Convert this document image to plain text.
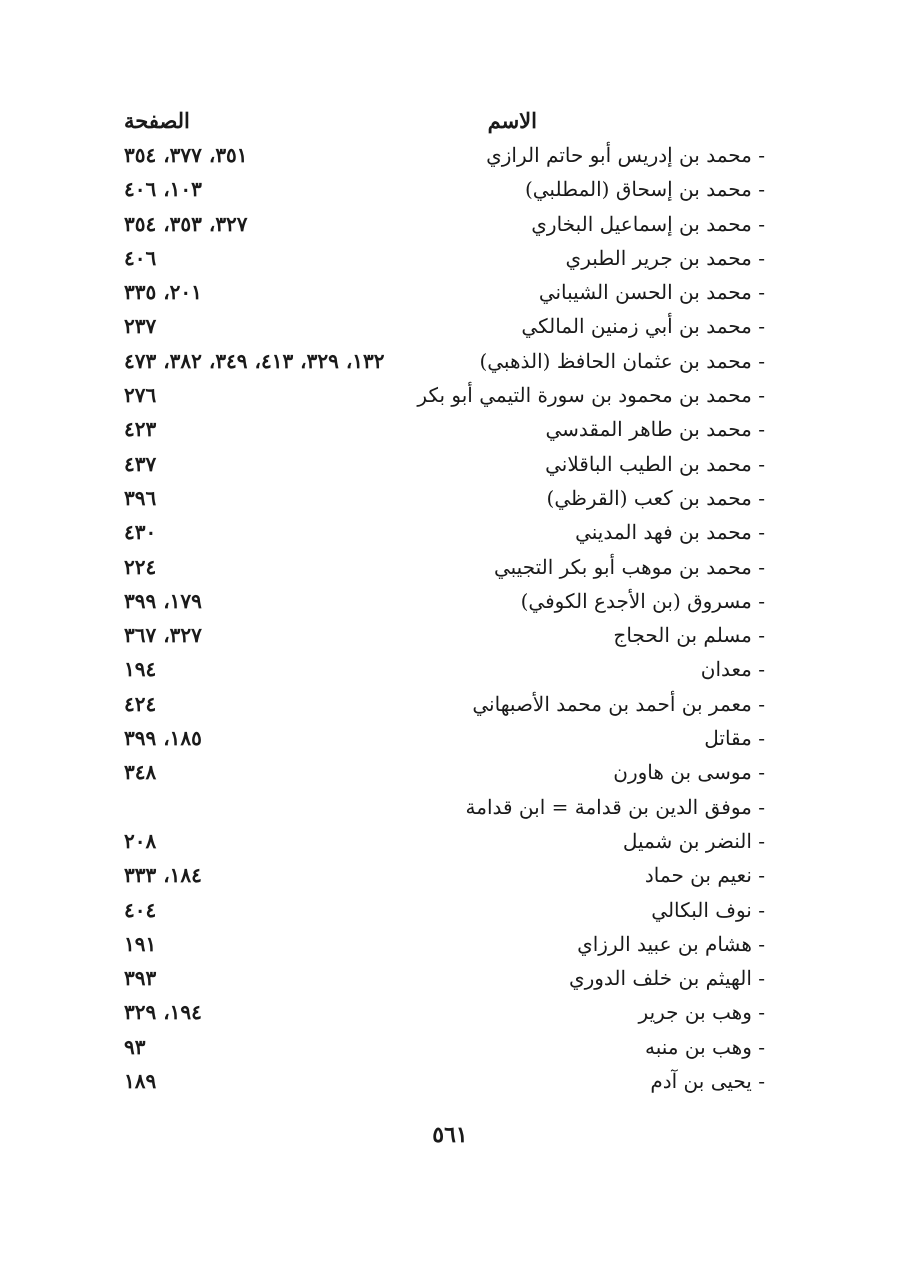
الاسم
الصفحة
- محمد بن إدريس أبو حاتم الرازي
٣٥١، ٣٧٧، ٣٥٤
- محمد بن إسحاق (المطلبي)
١٠٣، ٤٠٦
- محمد بن إسماعيل البخاري
٣٢٧، ٣٥٣، ٣٥٤
- محمد بن جرير الطبري
٤٠٦
- محمد بن الحسن الشيباني
٢٠١، ٣٣٥
- محمد بن أبي زمنين المالكي
٢٣٧
- محمد بن عثمان الحافظ (الذهبي)
١٣٢، ٣٢٩، ٤١٣، ٣٤٩، ٣٨٢، ٤٧٣
- محمد بن محمود بن سورة التيمي أبو بكر
٢٧٦
- محمد بن طاهر المقدسي
٤٢٣
- محمد بن الطيب الباقلاني
٤٣٧
- محمد بن كعب (القرظي)
٣٩٦
- محمد بن فهد المديني
٤٣٠
- محمد بن موهب أبو بكر التجيبي
٢٢٤
- مسروق (بن الأجدع الكوفي)
١٧٩، ٣٩٩
- مسلم بن الحجاج
٣٢٧، ٣٦٧
- معدان
١٩٤
- معمر بن أحمد بن محمد الأصبهاني
٤٢٤
- مقاتل
١٨٥، ٣٩٩
- موسى بن هاورن
٣٤٨
- موفق الدين بن قدامة = ابن قدامة
- النضر بن شميل
٢٠٨
- نعيم بن حماد
١٨٤، ٣٣٣
- نوف البكالي
٤٠٤
- هشام بن عبيد الرزاي
١٩١
- الهيثم بن خلف الدوري
٣٩٣
- وهب بن جرير
١٩٤، ٣٢٩
- وهب بن منبه
٩٣
- يحيى بن آدم
١٨٩
٥٦١
